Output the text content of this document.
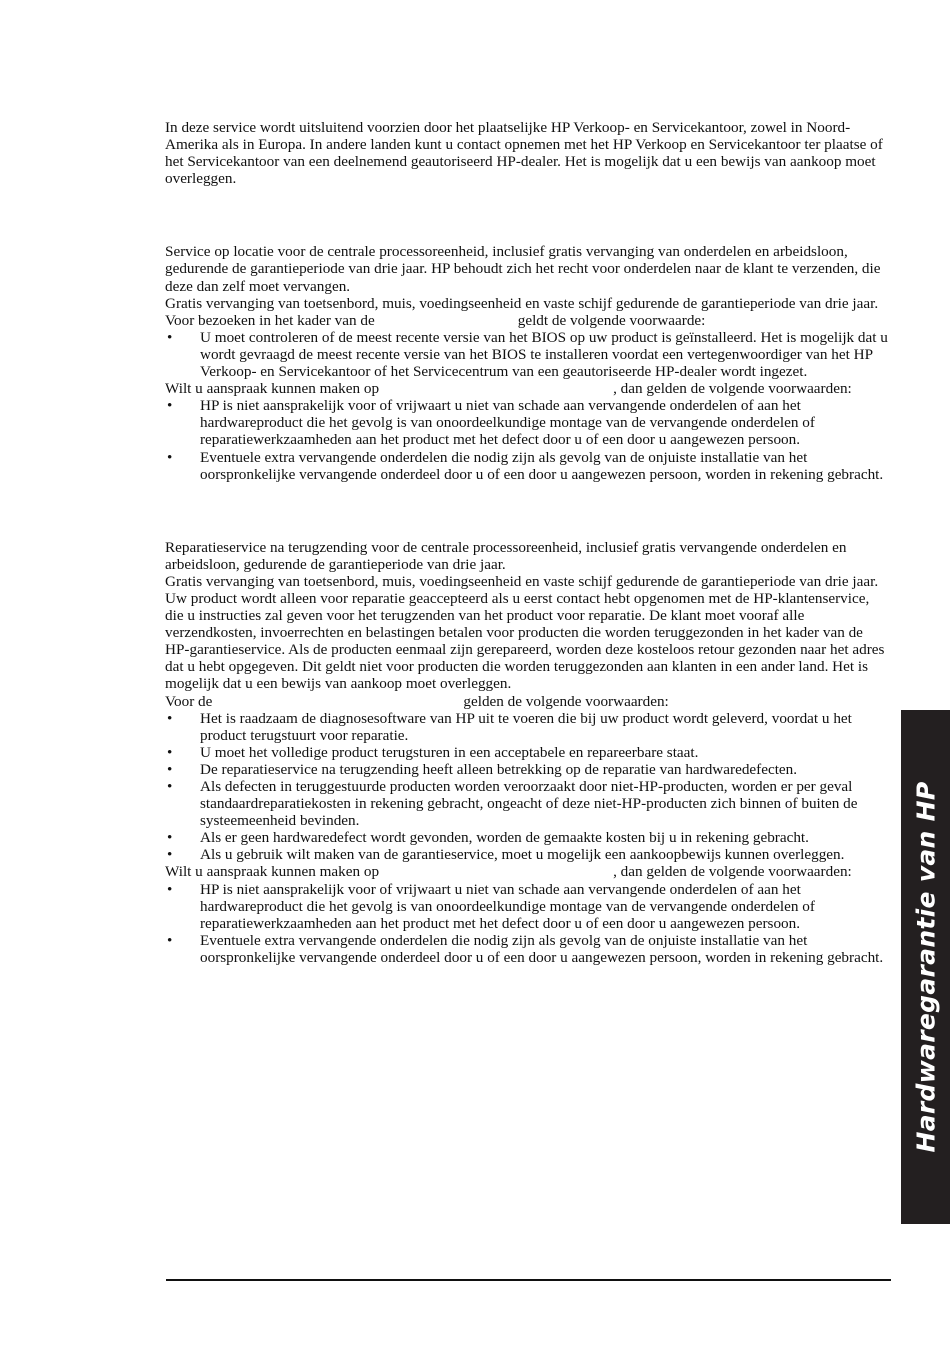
In deze service wordt uitsluitend voorzien door het plaatselijke HP Verkoop- en Servicekantoor, zowel in Noord-Amerika als in Europa. In andere landen kunt u contact opnemen met het HP Verkoop en Servicekantoor ter plaatse of het Servicekantoor van een deelnemend geautoriseerd HP-dealer. Het is mogelijk dat u een bewijs van aankoop moet overleggen.

Service op locatie voor de centrale processoreenheid, inclusief gratis vervanging van onderdelen en arbeidsloon, gedurende de garantieperiode van drie jaar. HP behoudt zich het recht voor onderdelen naar de klant te verzenden, die deze dan zelf moet vervangen.

Gratis vervanging van toetsenbord, muis, voedingseenheid en vaste schijf gedurende de garantieperiode van drie jaar.

Voor bezoeken in het kader van de	geldt de volgende voorwaarde:

• U moet controleren of de meest recente versie van het BIOS op uw product is geïnstalleerd. Het is mogelijk dat u wordt gevraagd de meest recente versie van het BIOS te installeren voordat een vertegenwoordiger van het HP Verkoop- en Servicekantoor of het Servicecentrum van een geautoriseerde HP-dealer wordt ingezet.

Wilt u aanspraak kunnen maken op	, dan gelden de volgende voorwaarden:

• HP is niet aansprakelijk voor of vrijwaart u niet van schade aan vervangende onderdelen of aan het hardwareproduct die het gevolg is van onoordeelkundige montage van de vervangende onderdelen of reparatiewerkzaamheden aan het product met het defect door u of een door u aangewezen persoon.
• Eventuele extra vervangende onderdelen die nodig zijn als gevolg van de onjuiste installatie van het oorspronkelijke vervangende onderdeel door u of een door u aangewezen persoon, worden in rekening gebracht.

Reparatieservice na terugzending voor de centrale processoreenheid, inclusief gratis vervangende onderdelen en arbeidsloon, gedurende de garantieperiode van drie jaar.

Gratis vervanging van toetsenbord, muis, voedingseenheid en vaste schijf gedurende de garantieperiode van drie jaar.

Uw product wordt alleen voor reparatie geaccepteerd als u eerst contact hebt opgenomen met de HP-klantenservice, die u instructies zal geven voor het terugzenden van het product voor reparatie. De klant moet vooraf alle verzendkosten, invoerrechten en belastingen betalen voor producten die worden teruggezonden in het kader van de HP-garantieservice. Als de producten eenmaal zijn gerepareerd, worden deze kosteloos retour gezonden naar het adres dat u hebt opgegeven. Dit geldt niet voor producten die worden teruggezonden aan klanten in een ander land. Het is mogelijk dat u een bewijs van aankoop moet overleggen.

Voor de	gelden de volgende voorwaarden:

• Het is raadzaam de diagnosesoftware van HP uit te voeren die bij uw product wordt geleverd, voordat u het product terugstuurt voor reparatie.
• U moet het volledige product terugsturen in een acceptabele en repareerbare staat.
• De reparatieservice na terugzending heeft alleen betrekking op de reparatie van hardwaredefecten.
• Als defecten in teruggestuurde producten worden veroorzaakt door niet-HP-producten, worden er per geval standaardreparatiekosten in rekening gebracht, ongeacht of deze niet-HP-producten zich binnen of buiten de systeemeenheid bevinden.
• Als er geen hardwaredefect wordt gevonden, worden de gemaakte kosten bij u in rekening gebracht.
• Als u gebruik wilt maken van de garantieservice, moet u mogelijk een aankoopbewijs kunnen overleggen.

Wilt u aanspraak kunnen maken op	, dan gelden de volgende voorwaarden:

• HP is niet aansprakelijk voor of vrijwaart u niet van schade aan vervangende onderdelen of aan het hardwareproduct die het gevolg is van onoordeelkundige montage van de vervangende onderdelen of reparatiewerkzaamheden aan het product met het defect door u of een door u aangewezen persoon.
• Eventuele extra vervangende onderdelen die nodig zijn als gevolg van de onjuiste installatie van het oorspronkelijke vervangende onderdeel door u of een door u aangewezen persoon, worden in rekening gebracht. Hardwaregarantie van HP
